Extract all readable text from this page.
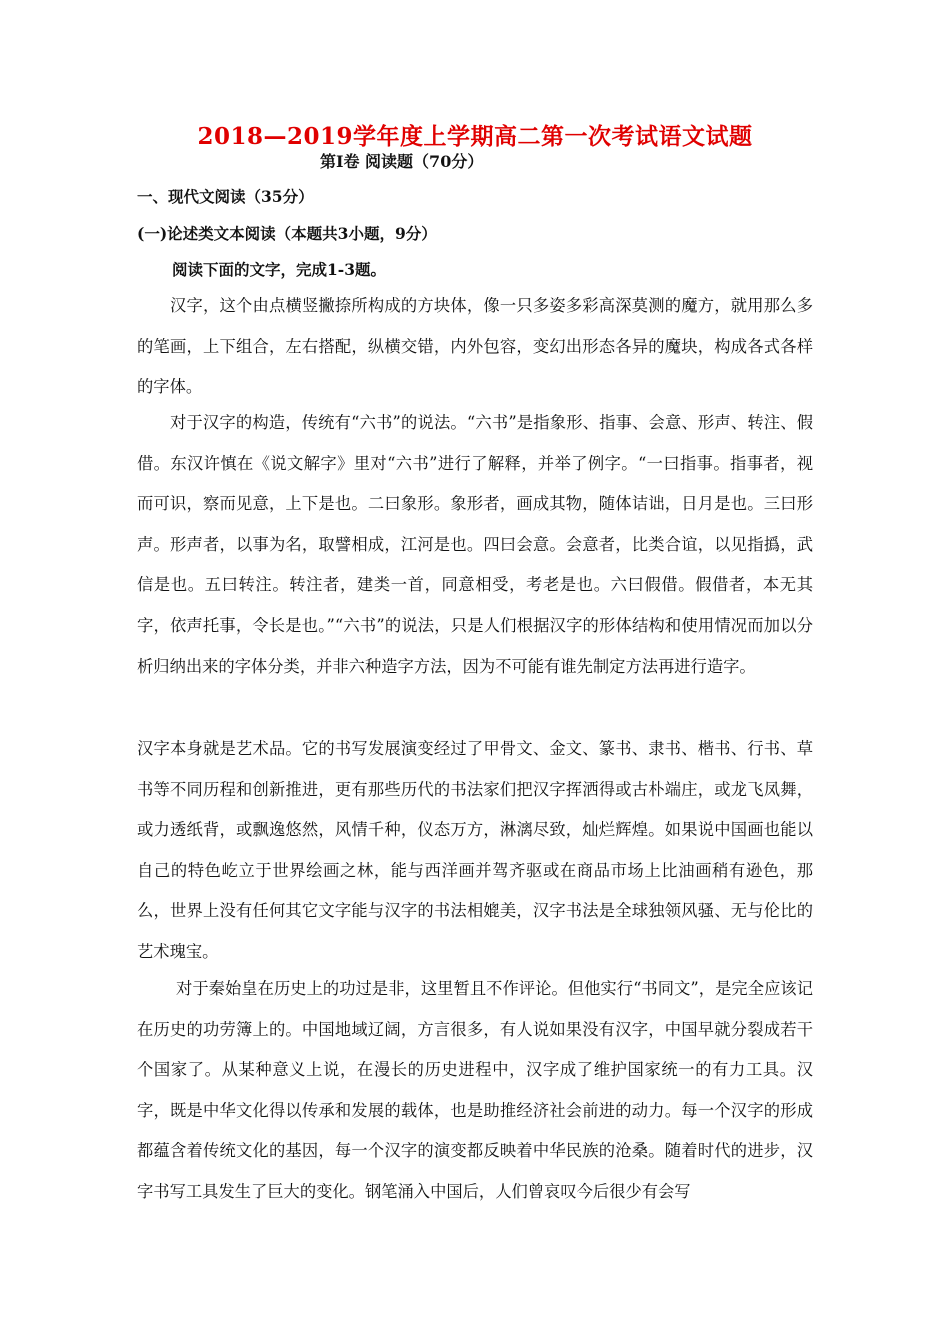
2018—2019学年度上学期高二第一次考试语文试题
第Ⅰ卷 阅读题（70分）
一、现代文阅读（35分）
(一)论述类文本阅读（本题共3小题，9分）
阅读下面的文字，完成1-3题。

汉字，这个由点横竖撇捺所构成的方块体，像一只多姿多彩高深莫测的魔方，就用那么多的笔画，上下组合，左右搭配，纵横交错，内外包容，变幻出形态各异的魔块，构成各式各样的字体。

对于汉字的构造，传统有“六书”的说法。“六书”是指象形、指事、会意、形声、转注、假借。东汉许慎在《说文解字》里对“六书”进行了解释，并举了例字。“一曰指事。指事者，视而可识，察而见意，上下是也。二曰象形。象形者，画成其物，随体诘诎，日月是也。三曰形声。形声者，以事为名，取譬相成，江河是也。四曰会意。会意者，比类合谊，以见指撝，武信是也。五曰转注。转注者，建类一首，同意相受，考老是也。六曰假借。假借者，本无其字，依声托事，令长是也。”“六书”的说法，只是人们根据汉字的形体结构和使用情况而加以分析归纳出来的字体分类，并非六种造字方法，因为不可能有谁先制定方法再进行造字。

汉字本身就是艺术品。它的书写发展演变经过了甲骨文、金文、篆书、隶书、楷书、行书、草书等不同历程和创新推进，更有那些历代的书法家们把汉字挥洒得或古朴端庄，或龙飞凤舞，或力透纸背，或飘逸悠然，风情千种，仪态万方，淋漓尽致，灿烂辉煌。如果说中国画也能以自己的特色屹立于世界绘画之林，能与西洋画并驾齐驱或在商品市场上比油画稍有逊色，那么，世界上没有任何其它文字能与汉字的书法相媲美，汉字书法是全球独领风骚、无与伦比的艺术瑰宝。

对于秦始皇在历史上的功过是非，这里暂且不作评论。但他实行“书同文”，是完全应该记在历史的功劳簿上的。中国地域辽阔，方言很多，有人说如果没有汉字，中国早就分裂成若干个国家了。从某种意义上说，在漫长的历史进程中，汉字成了维护国家统一的有力工具。汉字，既是中华文化得以传承和发展的载体，也是助推经济社会前进的动力。每一个汉字的形成都蕴含着传统文化的基因，每一个汉字的演变都反映着中华民族的沧桑。随着时代的进步，汉字书写工具发生了巨大的变化。钢笔涌入中国后，人们曾哀叹今后很少有会写
